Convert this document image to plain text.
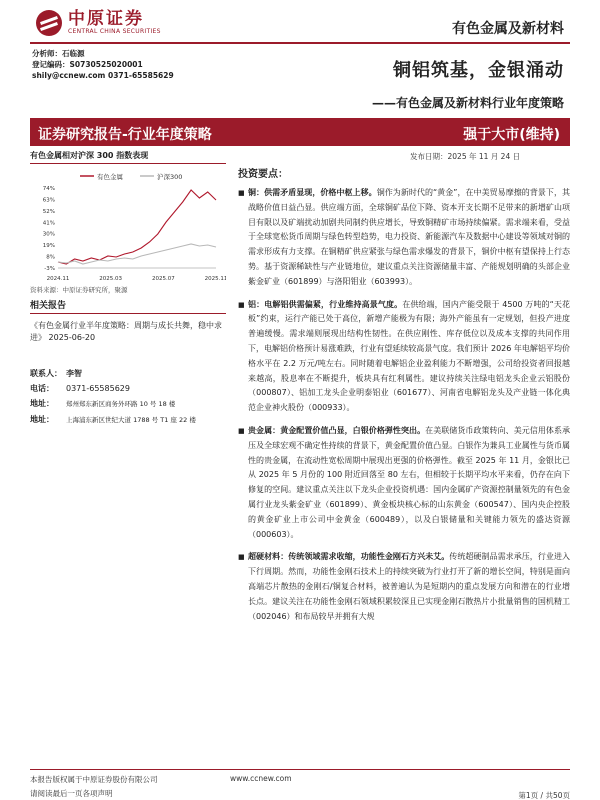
中原证券
CENTRAL CHINA SECURITIES	有色金属及新材料
分析师：石临源
登记编码：S0730525020001
shily@ccnew.com 0371-65585629	铜铝筑基，金银涌动
——有色金属及新材料行业年度策略
证券研究报告-行业年度策略	强于大市(维持)
发布日期：2025 年 11 月 24 日
有色金属相对沪深 300 指数表现
有色金属	沪深300
74%
63%
52%
41%
30%
19%
8%
-3%
2024.11	2025.03	2025.07	2025.11
资料来源：中原证券研究所，聚源
相关报告
《有色金属行业半年度策略：周期与成长共舞，稳中求进》 2025-06-20
联系人： 李智
电话： 0371-65585629
地址： 郑州郑东新区商务外环路 10 号 18 楼
地址： 上海浦东新区世纪大道 1788 号 T1 座 22 楼
投资要点：
■ 铜：供需矛盾显现，价格中枢上移。铜作为新时代的“黄金”，在中美贸易摩擦的背景下，其战略价值日益凸显。供应端方面，全球铜矿品位下降、资本开支长期不足带来的新增矿山项目有限以及矿端扰动加剧共同制约供应增长，导致铜精矿市场持续偏紧。需求端来看，受益于全球宽松货币周期与绿色转型趋势，电力投资、新能源汽车及数据中心建设等领域对铜的需求形成有力支撑。在铜精矿供应紧张与绿色需求爆发的背景下，铜价中枢有望保持上行态势。基于资源稀缺性与产业链地位，建议重点关注资源储量丰富、产能规划明确的头部企业紫金矿业（601899）与洛阳钼业（603993）。
■ 铝：电解铝供需偏紧，行业维持高景气度。在供给端，国内产能受限于 4500 万吨的“天花板”约束，运行产能已处于高位，新增产能极为有限；海外产能虽有一定规划，但投产进度普遍缓慢。需求端则展现出结构性韧性。在供应刚性、库存低位以及成本支撑的共同作用下，电解铝价格预计易涨难跌，行业有望延续较高景气度。我们预计 2026 年电解铝平均价格水平在 2.2 万元/吨左右。同时随着电解铝企业盈利能力不断增强，公司给投资者回报越来越高，股息率在不断提升，板块具有红利属性。建议持续关注绿电铝龙头企业云铝股份（000807）、铝加工龙头企业明泰铝业（601677）、河南省电解铝龙头及产业链一体化典范企业神火股份（000933）。
■ 贵金属：黄金配置价值凸显，白银价格弹性突出。在美联储货币政策转向、美元信用体系承压及全球宏观不确定性持续的背景下，黄金配置价值凸显。白银作为兼具工业属性与货币属性的贵金属，在流动性宽松周期中展现出更强的价格弹性。截至 2025 年 11 月，金银比已从 2025 年 5 月份的 100 附近回落至 80 左右，但相较于长期平均水平来看，仍存在向下修复的空间。建议重点关注以下龙头企业投资机遇：国内金属矿产资源控制量领先的有色金属行业龙头紫金矿业（601899）、黄金板块核心标的山东黄金（600547）、国内央企控股的黄金矿业上市公司中金黄金（600489），以及白银储量和关键能力领先的盛达资源（000603）。
■ 超硬材料：传统领域需求收缩，功能性金刚石方兴未艾。传统超硬制品需求承压，行业进入下行周期。然而，功能性金刚石技术上的持续突破为行业打开了新的增长空间，特别是面向高端芯片散热的金刚石/铜复合材料，被普遍认为是短期内的重点发展方向和潜在的行业增长点。建议关注在功能性金刚石领域积累较深且已实现金刚石散热片小批量销售的国机精工（002046）和布局较早并拥有大规
本报告版权属于中原证券股份有限公司	www.ccnew.com
请阅读最后一页各项声明	第1页 / 共50页
